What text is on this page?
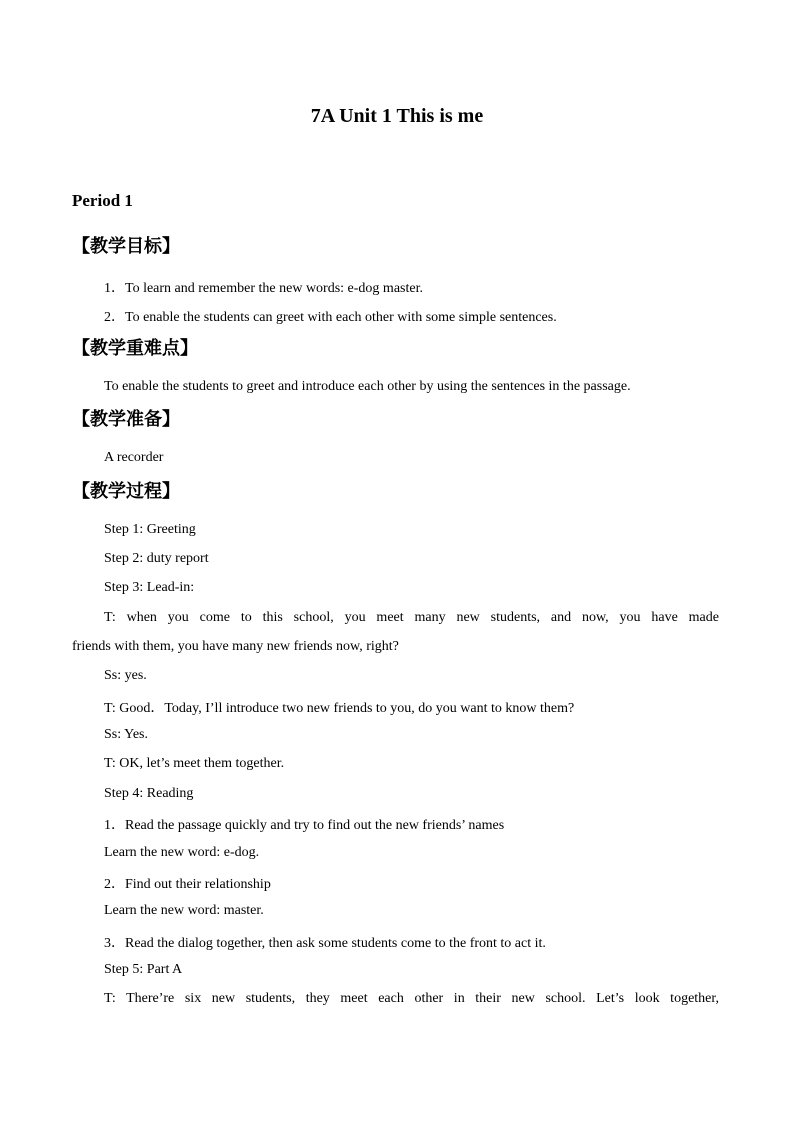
7A Unit 1 This is me
Period 1
【教学目标】
1．To learn and remember the new words: e-dog master.
2．To enable the students can greet with each other with some simple sentences.
【教学重难点】
To enable the students to greet and introduce each other by using the sentences in the passage.
【教学准备】
A recorder
【教学过程】
Step 1: Greeting
Step 2: duty report
Step 3: Lead-in:
T: when you come to this school, you meet many new students, and now, you have made
friends with them, you have many new friends now, right?
Ss: yes.
T: Good．Today, I’ll introduce two new friends to you, do you want to know them?
Ss: Yes.
T: OK, let’s meet them together.
Step 4: Reading
1．Read the passage quickly and try to find out the new friends’ names
Learn the new word: e-dog.
2．Find out their relationship
Learn the new word: master.
3．Read the dialog together, then ask some students come to the front to act it.
Step 5: Part A
T: There’re six new students, they meet each other in their new school. Let’s look together,
